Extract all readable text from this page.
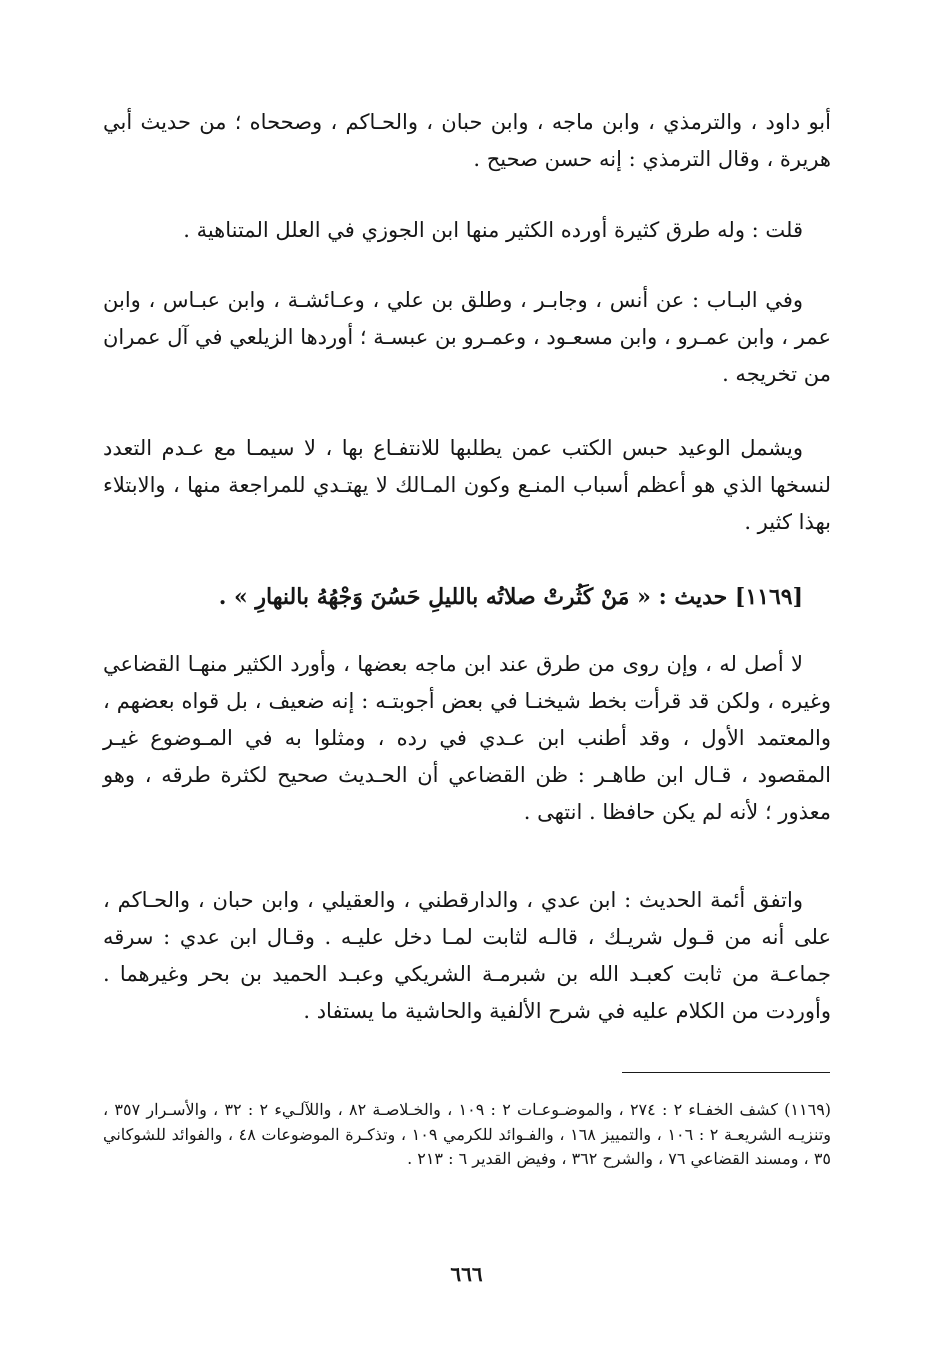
أبو داود ، والترمذي ، وابن ماجه ، وابن حبان ، والحـاكم ، وصححاه ؛ من حديث أبي هريرة ، وقال الترمذي : إنه حسن صحيح .

قلت : وله طرق كثيرة أورده الكثير منها ابن الجوزي في العلل المتناهية .

وفي البـاب : عن أنس ، وجابـر ، وطلق بن علي ، وعـائشـة ، وابن عبـاس ، وابن عمر ، وابن عمـرو ، وابن مسعـود ، وعمـرو بن عبسـة ؛ أوردها الزيلعي في آل عمران من تخريجه .

ويشمل الوعيد حبس الكتب عمن يطلبها للانتفـاع بها ، لا سيمـا مع عـدم التعدد لنسخها الذي هو أعظم أسباب المنـع وكون المـالك لا يهتـدي للمراجعة منها ، والابتلاء بهذا كثير .

[١١٦٩] حديث : « مَنْ كَثُرتْ صلاتُه بالليلِ حَسُنَ وَجْهُهُ بالنهارِ » .

لا أصل له ، وإن روى من طرق عند ابن ماجه بعضها ، وأورد الكثير منهـا القضاعي وغيره ، ولكن قد قرأت بخط شيخنـا في بعض أجوبتـه : إنه ضعيف ، بل قواه بعضهم ، والمعتمد الأول ، وقد أطنب ابن عـدي في رده ، ومثلوا به في المـوضوع غيـر المقصود ، قـال ابن طاهـر : ظن القضاعي أن الحـديث صحيح لكثرة طرقه ، وهو معذور ؛ لأنه لم يكن حافظا . انتهى .

واتفق أئمة الحديث : ابن عدي ، والدارقطني ، والعقيلي ، وابن حبان ، والحـاكم ، على أنه من قـول شريـك ، قالـه لثابت لمـا دخل عليـه . وقـال ابن عدي : سرقه جماعـة من ثابت كعبـد الله بن شبرمـة الشريكي وعبـد الحميد بن بحر وغيرهما . وأوردت من الكلام عليه في شرح الألفية والحاشية ما يستفاد .

(١١٦٩) كشف الخفـاء ٢ : ٢٧٤ ، والموضـوعـات ٢ : ١٠٩ ، والخـلاصـة ٨٢ ، واللآلـيء ٢ : ٣٢ ، والأسـرار ٣٥٧ ، وتنزيـه الشريعـة ٢ : ١٠٦ ، والتمييز ١٦٨ ، والفـوائد للكرمي ١٠٩ ، وتذكـرة الموضوعات ٤٨ ، والفوائد للشوكاني ٣٥ ، ومسند القضاعي ٧٦ ، والشرح ٣٦٢ ، وفيض القدير ٦ : ٢١٣ .

٦٦٦
